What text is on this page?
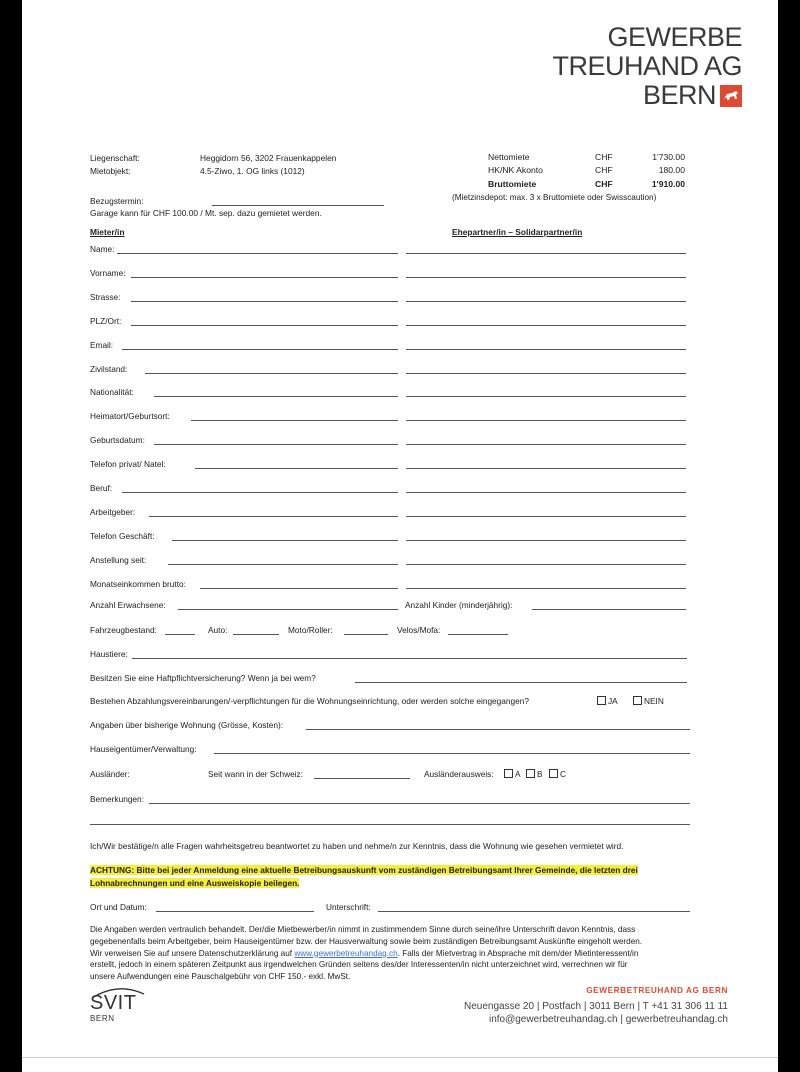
GEWERBE
TREUHAND AG
BERN
Liegenschaft:	Heggidorn 56, 3202 Frauenkappelen
Mietobjekt:	4.5-Ziwo, 1. OG links (1012)
Bezugstermin:
Garage kann für CHF 100.00 / Mt. sep. dazu gemietet werden.
Nettomiete	CHF	1'730.00
HK/NK Akonto	CHF	180.00
Bruttomiete	CHF	1'910.00
(Mietzinsdepot: max. 3 x Bruttomiete oder Swisscaution)
Mieter/in	Ehepartner/in – Solidarpartner/in
Name:
Vorname:
Strasse:
PLZ/Ort:
Email:
Zivilstand:
Nationalität:
Heimatort/Geburtsort:
Geburtsdatum:
Telefon privat/ Natel:
Beruf:
Arbeitgeber:
Telefon Geschäft:
Anstellung seit:
Monatseinkommen brutto:
Anzahl Erwachsene:	Anzahl Kinder (minderjährig):
Fahrzeugbestand:	Auto:	Moto/Roller:	Velos/Mofa:
Haustiere:
Besitzen Sie eine Haftpflichtversicherung? Wenn ja bei wem?
Bestehen Abzahlungsvereinbarungen/-verpflichtungen für die Wohnungseinrichtung, oder werden solche eingegangen?	JA	NEIN
Angaben über bisherige Wohnung (Grösse, Kosten):
Hauseigentümer/Verwaltung:
Ausländer:	Seit wann in der Schweiz:	Ausländerausweis:	A	B	C
Bemerkungen:
Ich/Wir bestätige/n alle Fragen wahrheitsgetreu beantwortet zu haben und nehme/n zur Kenntnis, dass die Wohnung wie gesehen vermietet wird.
ACHTUNG: Bitte bei jeder Anmeldung eine aktuelle Betreibungsauskunft vom zuständigen Betreibungsamt Ihrer Gemeinde, die letzten drei
Lohnabrechnungen und eine Ausweiskopie beilegen.
Ort und Datum:	Unterschrift:
Die Angaben werden vertraulich behandelt. Der/die Mietbewerber/in nimmt in zustimmendem Sinne durch seine/ihre Unterschrift davon Kenntnis, dass
gegebenenfalls beim Arbeitgeber, beim Hauseigentümer bzw. der Hausverwaltung sowie beim zuständigen Betreibungsamt Auskünfte eingeholt werden.
Wir verweisen Sie auf unsere Datenschutzerklärung auf www.gewerbetreuhandag.ch. Falls der Mietvertrag in Absprache mit dem/der Mietinteressent/in
erstellt, jedoch in einem späteren Zeitpunkt aus irgendwelchen Gründen seitens des/der Interessenten/in nicht unterzeichnet wird, verrechnen wir für
unsere Aufwendungen eine Pauschalgebühr von CHF 150.- exkl. MwSt.
SVIT
BERN
GEWERBETREUHAND AG BERN
Neuengasse 20 | Postfach | 3011 Bern | T +41 31 306 11 11
info@gewerbetreuhandag.ch | gewerbetreuhandag.ch
